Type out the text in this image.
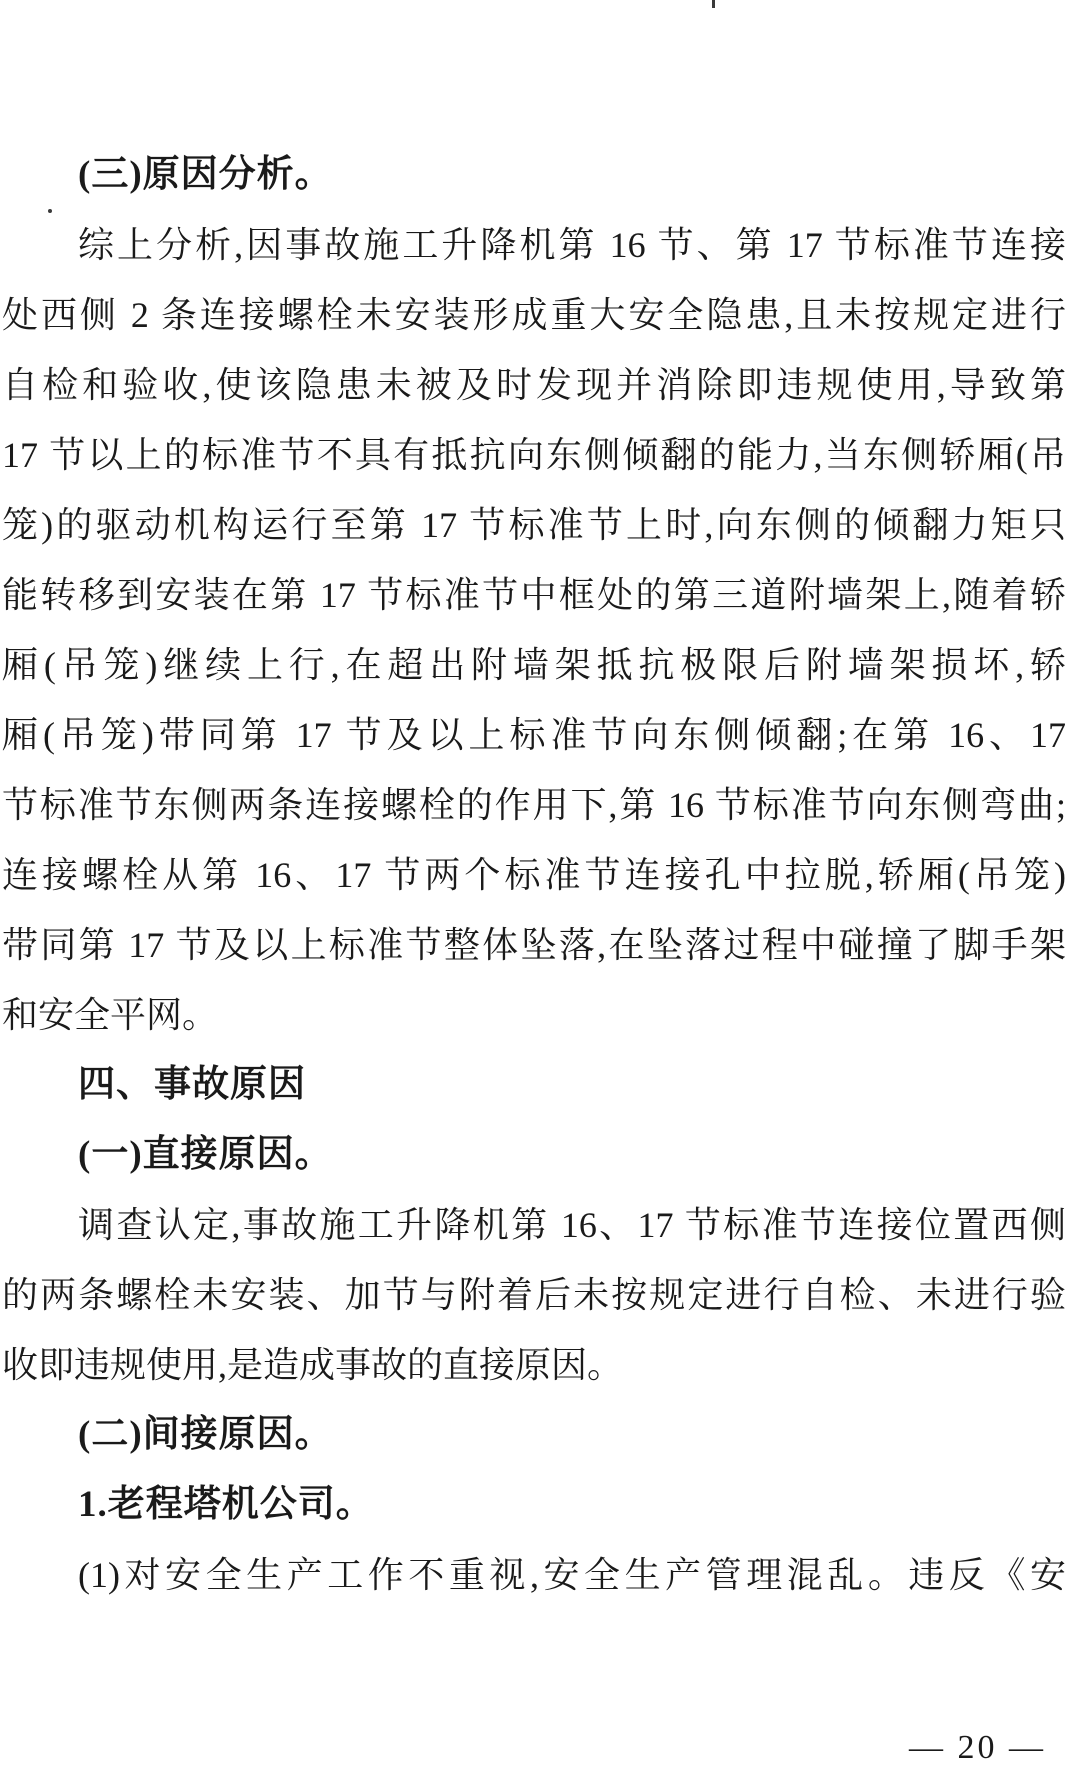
(三)原因分析。
综上分析,因事故施工升降机第 16 节、第 17 节标准节连接
处西侧 2 条连接螺栓未安装形成重大安全隐患,且未按规定进行
自检和验收,使该隐患未被及时发现并消除即违规使用,导致第
17 节以上的标准节不具有抵抗向东侧倾翻的能力,当东侧轿厢(吊
笼)的驱动机构运行至第 17 节标准节上时,向东侧的倾翻力矩只
能转移到安装在第 17 节标准节中框处的第三道附墙架上,随着轿
厢(吊笼)继续上行,在超出附墙架抵抗极限后附墙架损坏,轿
厢(吊笼)带同第 17 节及以上标准节向东侧倾翻;在第 16、17
节标准节东侧两条连接螺栓的作用下,第 16 节标准节向东侧弯曲;
连接螺栓从第 16、17 节两个标准节连接孔中拉脱,轿厢(吊笼)
带同第 17 节及以上标准节整体坠落,在坠落过程中碰撞了脚手架
和安全平网。
四、事故原因
(一)直接原因。
调查认定,事故施工升降机第 16、17 节标准节连接位置西侧
的两条螺栓未安装、加节与附着后未按规定进行自检、未进行验
收即违规使用,是造成事故的直接原因。
(二)间接原因。
1.老程塔机公司。
(1)对安全生产工作不重视,安全生产管理混乱。违反《安
— 20 —
